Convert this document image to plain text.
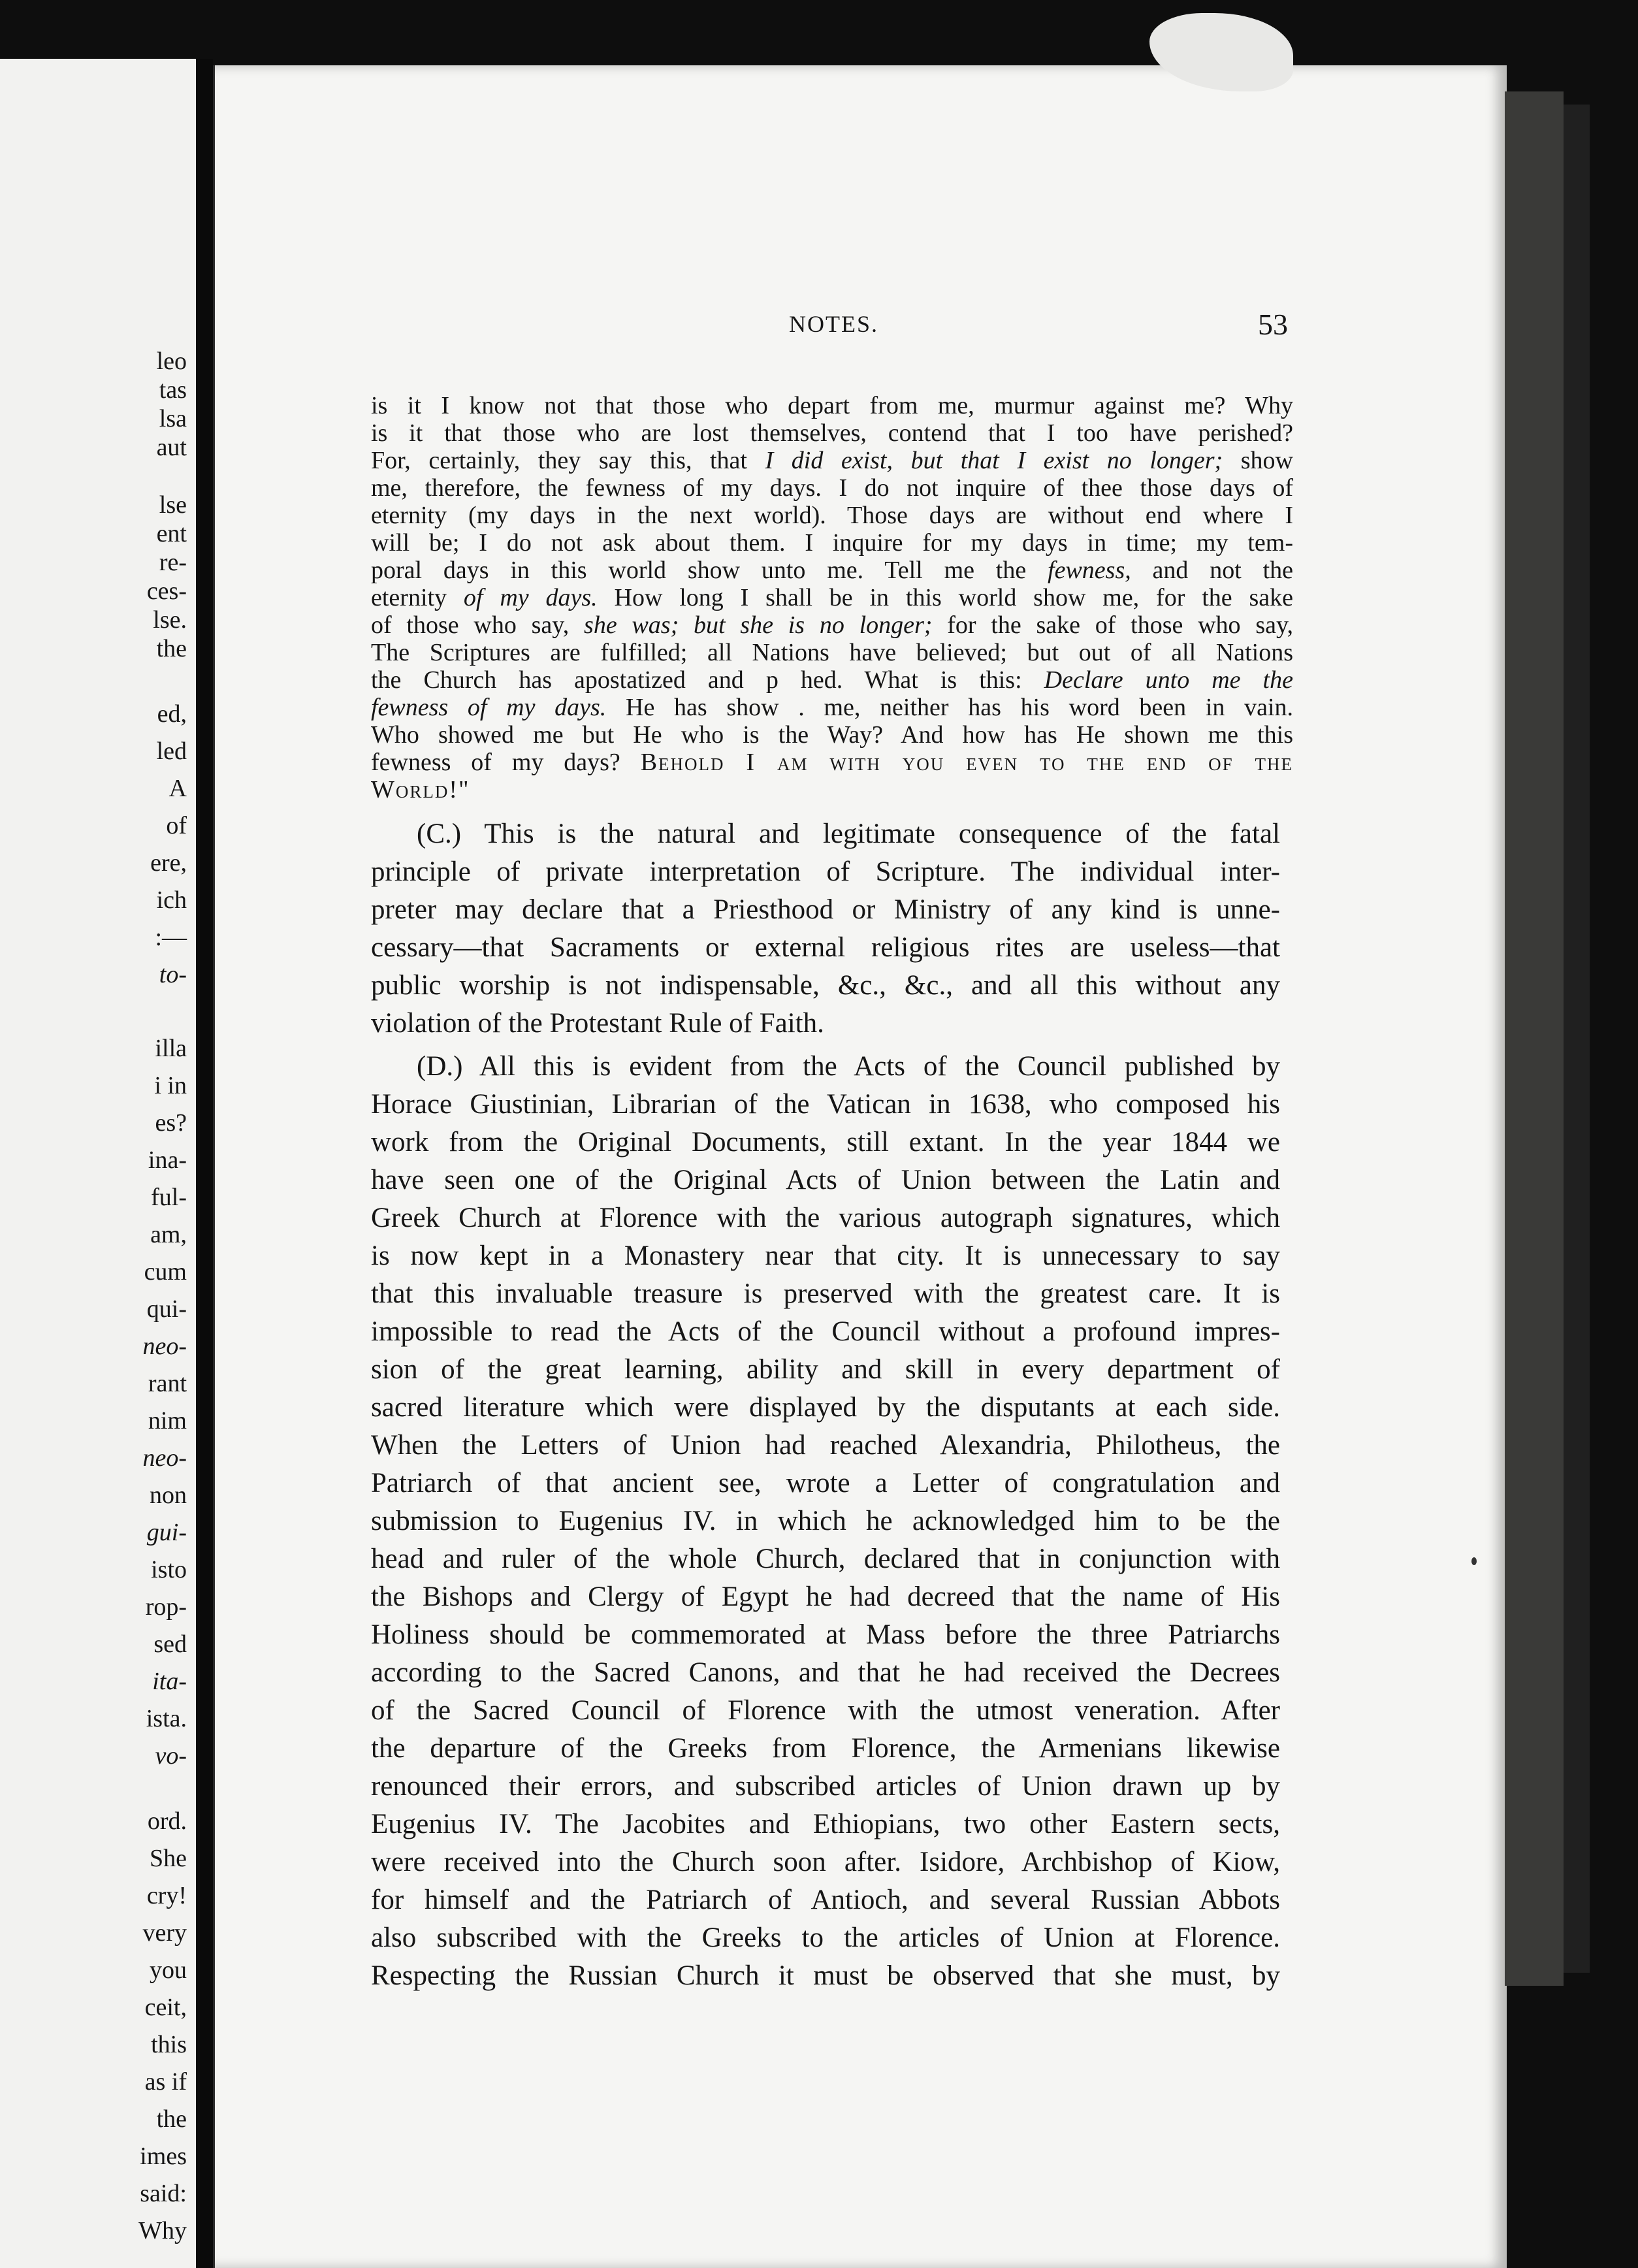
leo
tas
lsa
aut
lse
ent
re-
ces-
lse.
the
ed,
led
A
of
ere,
ich
:—
to-
illa
i in
es?
ina-
ful-
am,
cum
qui-
neo-
rant
nim
neo-
non
gui-
isto
rop-
sed
ita-
ista.
vo-
ord.
She
cry!
very
you
ceit,
this
as if
the
imes
said:
Why
NOTES.	53
is it I know not that those who depart from me, murmur against me? Why
is it that those who are lost themselves, contend that I too have perished?
For, certainly, they say this, that I did exist, but that I exist no longer; show
me, therefore, the fewness of my days. I do not inquire of thee those days of
eternity (my days in the next world). Those days are without end where I
will be; I do not ask about them. I inquire for my days in time; my tem-
poral days in this world show unto me. Tell me the fewness, and not the
eternity of my days. How long I shall be in this world show me, for the sake
of those who say, she was; but she is no longer; for the sake of those who say,
The Scriptures are fulfilled; all Nations have believed; but out of all Nations
the Church has apostatized and p hed. What is this: Declare unto me the
fewness of my days. He has show . me, neither has his word been in vain.
Who showed me but He who is the Way? And how has He shown me this
fewness of my days? Behold I am with you even to the end of the
World!"
(C.) This is the natural and legitimate consequence of the fatal
principle of private interpretation of Scripture. The individual inter-
preter may declare that a Priesthood or Ministry of any kind is unne-
cessary—that Sacraments or external religious rites are useless—that
public worship is not indispensable, &c., &c., and all this without any
violation of the Protestant Rule of Faith.
(D.) All this is evident from the Acts of the Council published by
Horace Giustinian, Librarian of the Vatican in 1638, who composed his
work from the Original Documents, still extant. In the year 1844 we
have seen one of the Original Acts of Union between the Latin and
Greek Church at Florence with the various autograph signatures, which
is now kept in a Monastery near that city. It is unnecessary to say
that this invaluable treasure is preserved with the greatest care. It is
impossible to read the Acts of the Council without a profound impres-
sion of the great learning, ability and skill in every department of
sacred literature which were displayed by the disputants at each side.
When the Letters of Union had reached Alexandria, Philotheus, the
Patriarch of that ancient see, wrote a Letter of congratulation and
submission to Eugenius IV. in which he acknowledged him to be the
head and ruler of the whole Church, declared that in conjunction with
the Bishops and Clergy of Egypt he had decreed that the name of His
Holiness should be commemorated at Mass before the three Patriarchs
according to the Sacred Canons, and that he had received the Decrees
of the Sacred Council of Florence with the utmost veneration. After
the departure of the Greeks from Florence, the Armenians likewise
renounced their errors, and subscribed articles of Union drawn up by
Eugenius IV. The Jacobites and Ethiopians, two other Eastern sects,
were received into the Church soon after. Isidore, Archbishop of Kiow,
for himself and the Patriarch of Antioch, and several Russian Abbots
also subscribed with the Greeks to the articles of Union at Florence.
Respecting the Russian Church it must be observed that she must, by
